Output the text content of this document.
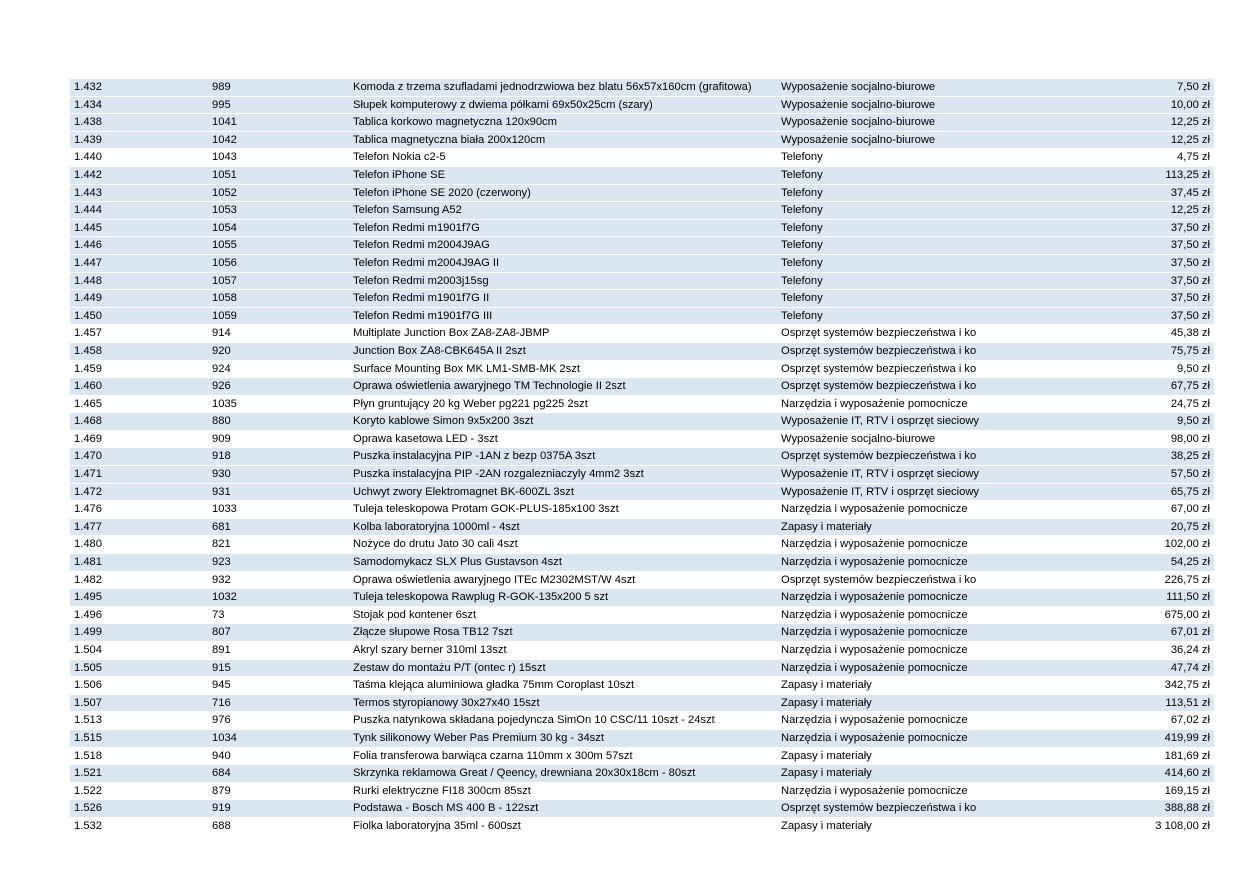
1.432	989	Komoda z trzema szufladami jednodrzwiowa bez blatu 56x57x160cm (grafitowa)	Wyposażenie socjalno-biurowe	7,50 zł
1.434	995	Słupek komputerowy z dwiema półkami 69x50x25cm (szary)	Wyposażenie socjalno-biurowe	10,00 zł
1.438	1041	Tablica korkowo magnetyczna 120x90cm	Wyposażenie socjalno-biurowe	12,25 zł
1.439	1042	Tablica magnetyczna biała 200x120cm	Wyposażenie socjalno-biurowe	12,25 zł
1.440	1043	Telefon Nokia c2-5	Telefony	4,75 zł
1.442	1051	Telefon iPhone SE	Telefony	113,25 zł
1.443	1052	Telefon iPhone SE 2020 (czerwony)	Telefony	37,45 zł
1.444	1053	Telefon Samsung A52	Telefony	12,25 zł
1.445	1054	Telefon Redmi m1901f7G	Telefony	37,50 zł
1.446	1055	Telefon Redmi m2004J9AG	Telefony	37,50 zł
1.447	1056	Telefon Redmi m2004J9AG II	Telefony	37,50 zł
1.448	1057	Telefon Redmi m2003j15sg	Telefony	37,50 zł
1.449	1058	Telefon Redmi m1901f7G II	Telefony	37,50 zł
1.450	1059	Telefon Redmi m1901f7G III	Telefony	37,50 zł
1.457	914	Multiplate Junction Box ZA8-ZA8-JBMP	Osprzęt systemów bezpieczeństwa i ko	45,38 zł
1.458	920	Junction Box ZA8-CBK645A II 2szt	Osprzęt systemów bezpieczeństwa i ko	75,75 zł
1.459	924	Surface Mounting Box MK LM1-SMB-MK 2szt	Osprzęt systemów bezpieczeństwa i ko	9,50 zł
1.460	926	Oprawa oświetlenia awaryjnego TM Technologie II 2szt	Osprzęt systemów bezpieczeństwa i ko	67,75 zł
1.465	1035	Płyn gruntujący 20 kg Weber pg221 pg225 2szt	Narzędzia i wyposażenie pomocnicze	24,75 zł
1.468	880	Koryto kablowe Simon 9x5x200 3szt	Wyposażenie IT, RTV i osprzęt sieciowy	9,50 zł
1.469	909	Oprawa kasetowa LED - 3szt	Wyposażenie socjalno-biurowe	98,00 zł
1.470	918	Puszka instalacyjna PIP -1AN z bezp 0375A 3szt	Osprzęt systemów bezpieczeństwa i ko	38,25 zł
1.471	930	Puszka instalacyjna PIP -2AN rozgalezniaczyly 4mm2 3szt	Wyposażenie IT, RTV i osprzęt sieciowy	57,50 zł
1.472	931	Uchwyt zwory Elektromagnet BK-600ZL 3szt	Wyposażenie IT, RTV i osprzęt sieciowy	65,75 zł
1.476	1033	Tuleja teleskopowa Protam GOK-PLUS-185x100 3szt	Narzędzia i wyposażenie pomocnicze	67,00 zł
1.477	681	Kolba laboratoryjna 1000ml - 4szt	Zapasy i materiały	20,75 zł
1.480	821	Nożyce do drutu Jato 30 cali 4szt	Narzędzia i wyposażenie pomocnicze	102,00 zł
1.481	923	Samodomykacz SLX Plus Gustavson 4szt	Narzędzia i wyposażenie pomocnicze	54,25 zł
1.482	932	Oprawa oświetlenia awaryjnego ITEc M2302MST/W 4szt	Osprzęt systemów bezpieczeństwa i ko	226,75 zł
1.495	1032	Tuleja teleskopowa Rawplug R-GOK-135x200 5 szt	Narzędzia i wyposażenie pomocnicze	111,50 zł
1.496	73	Stojak pod kontener 6szt	Narzędzia i wyposażenie pomocnicze	675,00 zł
1.499	807	Złącze słupowe Rosa TB12 7szt	Narzędzia i wyposażenie pomocnicze	67,01 zł
1.504	891	Akryl szary berner 310ml 13szt	Narzędzia i wyposażenie pomocnicze	36,24 zł
1.505	915	Zestaw do montażu P/T (ontec r) 15szt	Narzędzia i wyposażenie pomocnicze	47,74 zł
1.506	945	Taśma klejąca aluminiowa gładka 75mm Coroplast 10szt	Zapasy i materiały	342,75 zł
1.507	716	Termos styropianowy 30x27x40 15szt	Zapasy i materiały	113,51 zł
1.513	976	Puszka natynkowa składana pojedyncza SimOn 10 CSC/11 10szt - 24szt	Narzędzia i wyposażenie pomocnicze	67,02 zł
1.515	1034	Tynk silikonowy Weber Pas Premium 30 kg - 34szt	Narzędzia i wyposażenie pomocnicze	419,99 zł
1.518	940	Folia transferowa barwiąca czarna 110mm x 300m 57szt	Zapasy i materiały	181,69 zł
1.521	684	Skrzynka reklamowa Great / Qeency, drewniana 20x30x18cm - 80szt	Zapasy i materiały	414,60 zł
1.522	879	Rurki elektryczne FI18 300cm 85szt	Narzędzia i wyposażenie pomocnicze	169,15 zł
1.526	919	Podstawa - Bosch MS 400 B - 122szt	Osprzęt systemów bezpieczeństwa i ko	388,88 zł
1.532	688	Fiolka laboratoryjna 35ml - 600szt	Zapasy i materiały	3 108,00 zł
